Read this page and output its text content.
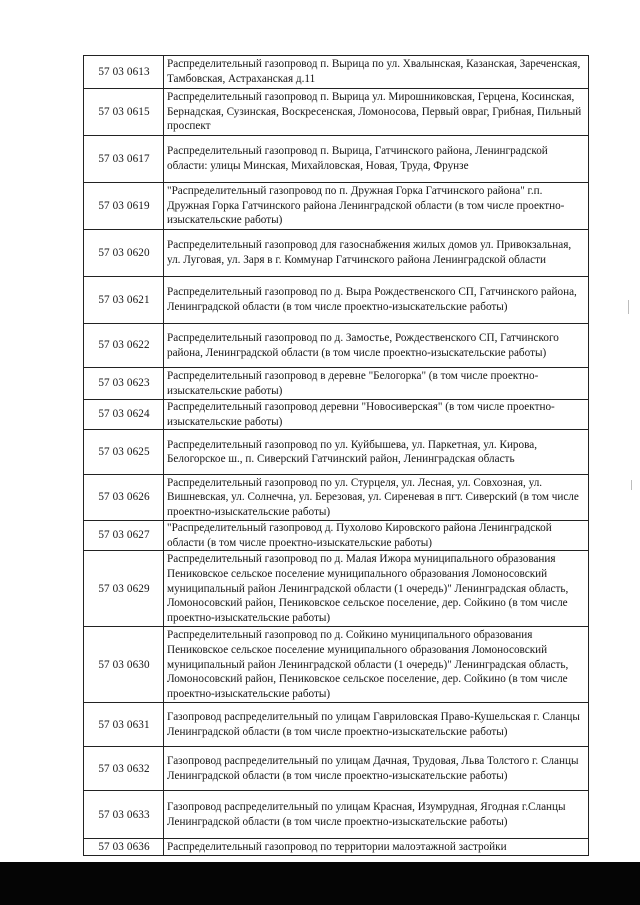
57 03 0613	Распределительный газопровод п. Вырица по ул. Хвалынская, Казанская, Зареченская, Тамбовская, Астраханская д.11
57 03 0615	Распределительный газопровод п. Вырица ул. Мирошниковская, Герцена, Косинская, Бернадская, Сузинская, Воскресенская, Ломоносова, Первый овраг, Грибная, Пильный проспект
57 03 0617	Распределительный газопровод п. Вырица, Гатчинского района, Ленинградской области: улицы Минская, Михайловская, Новая, Труда, Фрунзе
57 03 0619	"Распределительный газопровод по п. Дружная Горка Гатчинского района" г.п. Дружная Горка Гатчинского района Ленинградской области (в том числе проектно-изыскательские работы)
57 03 0620	Распределительный газопровод для газоснабжения жилых домов ул. Привокзальная, ул. Луговая, ул. Заря в г. Коммунар Гатчинского района Ленинградской области
57 03 0621	Распределительный газопровод по д. Выра Рождественского СП, Гатчинского района, Ленинградской области (в том числе проектно-изыскательские работы)
57 03 0622	Распределительный газопровод по д. Замостье, Рождественского СП, Гатчинского района, Ленинградской области (в том числе проектно-изыскательские работы)
57 03 0623	Распределительный газопровод в деревне "Белогорка" (в том числе проектно-изыскательские работы)
57 03 0624	Распределительный газопровод деревни "Новосиверская" (в том числе проектно-изыскательские работы)
57 03 0625	Распределительный газопровод по ул. Куйбышева, ул. Паркетная, ул. Кирова, Белогорское ш., п. Сиверский Гатчинский район, Ленинградская область
57 03 0626	Распределительный газопровод по ул. Стурцеля, ул. Лесная, ул. Совхозная, ул. Вишневская, ул. Солнечна, ул. Березовая, ул. Сиреневая в пгт. Сиверский (в том числе проектно-изыскательские работы)
57 03 0627	"Распределительный газопровод д. Пухолово Кировского района Ленинградской области (в том числе проектно-изыскательские работы)
57 03 0629	Распределительный газопровод по д. Малая Ижора муниципального образования Пениковское сельское поселение муниципального образования Ломоносовский муниципальный район Ленинградской области (1 очередь)" Ленинградская область, Ломоносовский район, Пениковское сельское поселение, дер. Сойкино (в том числе проектно-изыскательские работы)
57 03 0630	Распределительный газопровод по д. Сойкино муниципального образования Пениковское сельское поселение муниципального образования Ломоносовский муниципальный район Ленинградской области (1 очередь)" Ленинградская область, Ломоносовский район, Пениковское сельское поселение, дер. Сойкино (в том числе проектно-изыскательские работы)
57 03 0631	Газопровод распределительный по улицам Гавриловская Право-Кушельская г. Сланцы Ленинградской области (в том числе проектно-изыскательские работы)
57 03 0632	Газопровод распределительный по улицам Дачная, Трудовая, Льва Толстого г. Сланцы Ленинградской области (в том числе проектно-изыскательские работы)
57 03 0633	Газопровод распределительный по улицам Красная, Изумрудная, Ягодная г.Сланцы Ленинградской области (в том числе проектно-изыскательские работы)
57 03 0636	Распределительный газопровод по территории малоэтажной застройки
